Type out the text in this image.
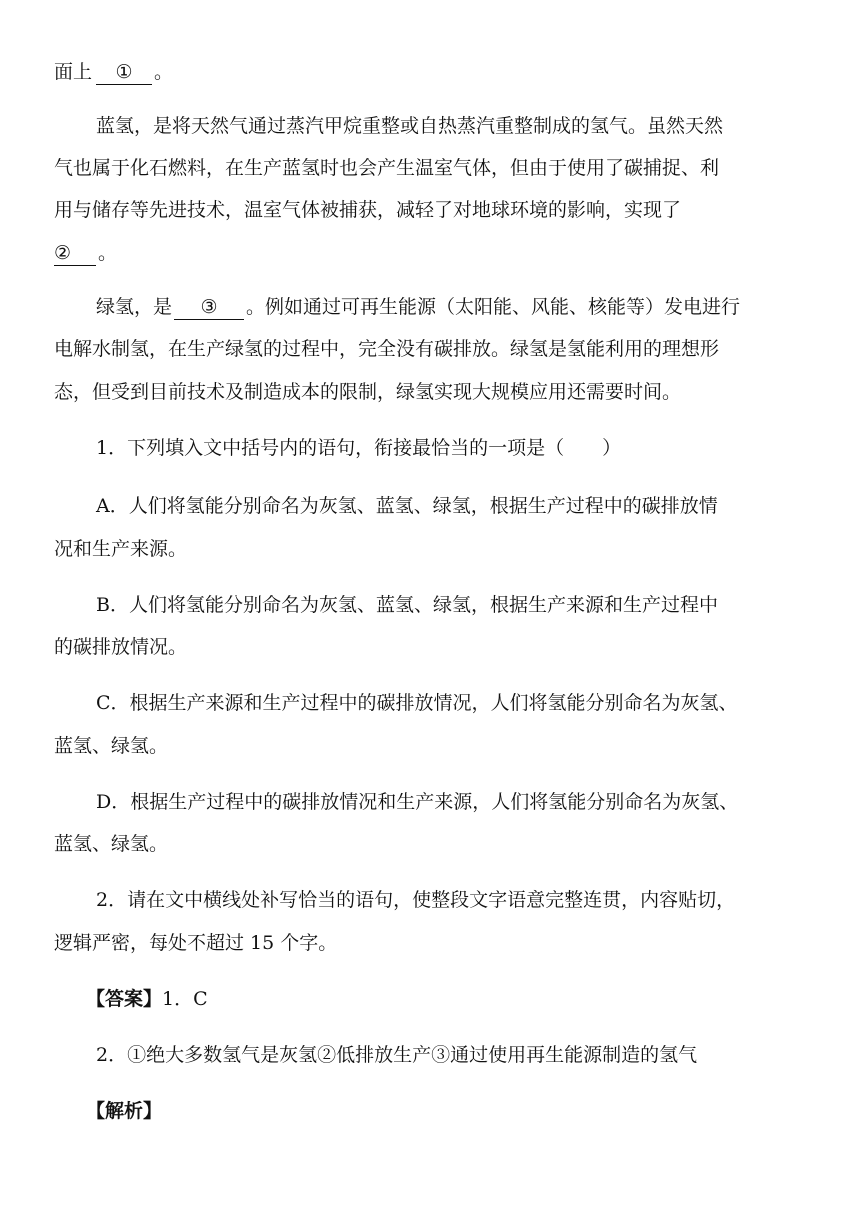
面上 ① 。
蓝氢，是将天然气通过蒸汽甲烷重整或自热蒸汽重整制成的氢气。虽然天然
气也属于化石燃料，在生产蓝氢时也会产生温室气体，但由于使用了碳捕捉、利
用与储存等先进技术，温室气体被捕获，减轻了对地球环境的影响，实现了
② 。
绿氢，是 ③ 。例如通过可再生能源（太阳能、风能、核能等）发电进行
电解水制氢，在生产绿氢的过程中，完全没有碳排放。绿氢是氢能利用的理想形
态，但受到目前技术及制造成本的限制，绿氢实现大规模应用还需要时间。
1．下列填入文中括号内的语句，衔接最恰当的一项是（　　）
A．人们将氢能分别命名为灰氢、蓝氢、绿氢，根据生产过程中的碳排放情
况和生产来源。
B．人们将氢能分别命名为灰氢、蓝氢、绿氢，根据生产来源和生产过程中
的碳排放情况。
C．根据生产来源和生产过程中的碳排放情况，人们将氢能分别命名为灰氢、
蓝氢、绿氢。
D．根据生产过程中的碳排放情况和生产来源，人们将氢能分别命名为灰氢、
蓝氢、绿氢。
2．请在文中横线处补写恰当的语句，使整段文字语意完整连贯，内容贴切，
逻辑严密，每处不超过 15 个字。
【答案】1．C
2．①绝大多数氢气是灰氢②低排放生产③通过使用再生能源制造的氢气
【解析】
